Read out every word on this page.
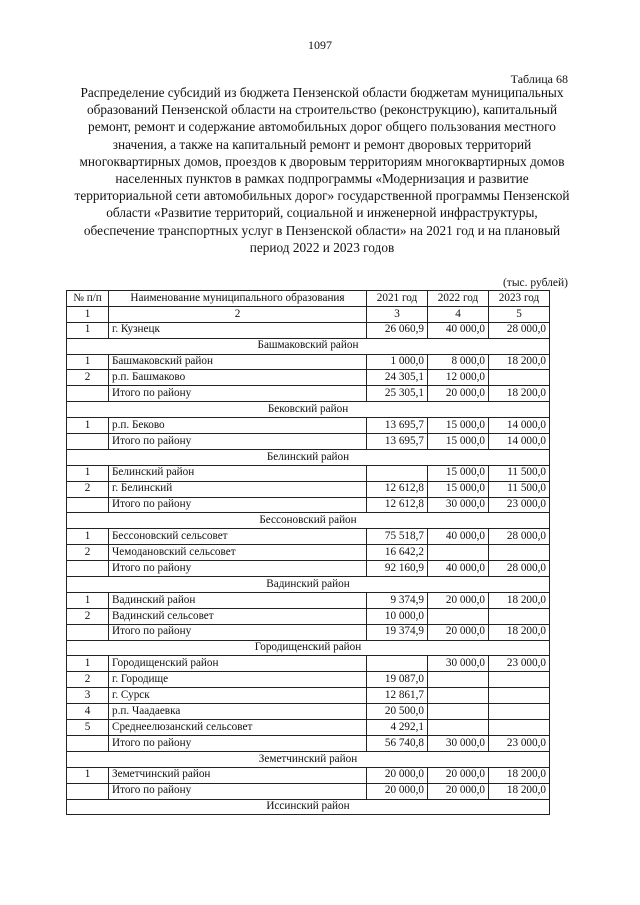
1097
Таблица 68
Распределение субсидий из бюджета Пензенской области бюджетам муниципальных образований Пензенской области на строительство (реконструкцию), капитальный ремонт, ремонт и содержание автомобильных дорог общего пользования местного значения, а также на капитальный ремонт и ремонт дворовых территорий многоквартирных домов, проездов к дворовым территориям многоквартирных домов населенных пунктов в рамках подпрограммы «Модернизация и развитие территориальной сети автомобильных дорог» государственной программы Пензенской области «Развитие территорий, социальной и инженерной инфраструктуры, обеспечение транспортных услуг в Пензенской области» на 2021 год и на плановый период 2022 и 2023 годов
(тыс. рублей)
№ п/п	Наименование муниципального образования	2021 год	2022 год	2023 год
1	2	3	4	5
1	г. Кузнецк	26 060,9	40 000,0	28 000,0
Башмаковский район				
1	Башмаковский район	1 000,0	8 000,0	18 200,0
2	р.п. Башмаково	24 305,1	12 000,0	
	Итого по району	25 305,1	20 000,0	18 200,0
Бековский район				
1	р.п. Беково	13 695,7	15 000,0	14 000,0
	Итого по району	13 695,7	15 000,0	14 000,0
Белинский район				
1	Белинский район		15 000,0	11 500,0
2	г. Белинский	12 612,8	15 000,0	11 500,0
	Итого по району	12 612,8	30 000,0	23 000,0
Бессоновский район				
1	Бессоновский сельсовет	75 518,7	40 000,0	28 000,0
2	Чемодановский сельсовет	16 642,2		
	Итого по району	92 160,9	40 000,0	28 000,0
Вадинский район				
1	Вадинский район	9 374,9	20 000,0	18 200,0
2	Вадинский сельсовет	10 000,0		
	Итого по району	19 374,9	20 000,0	18 200,0
Городищенский район				
1	Городищенский район		30 000,0	23 000,0
2	г. Городище	19 087,0		
3	г. Сурск	12 861,7		
4	р.п. Чаадаевка	20 500,0		
5	Среднеелюзанский сельсовет	4 292,1		
	Итого по району	56 740,8	30 000,0	23 000,0
Земетчинский район				
1	Земетчинский район	20 000,0	20 000,0	18 200,0
	Итого по району	20 000,0	20 000,0	18 200,0
Иссинский район				
